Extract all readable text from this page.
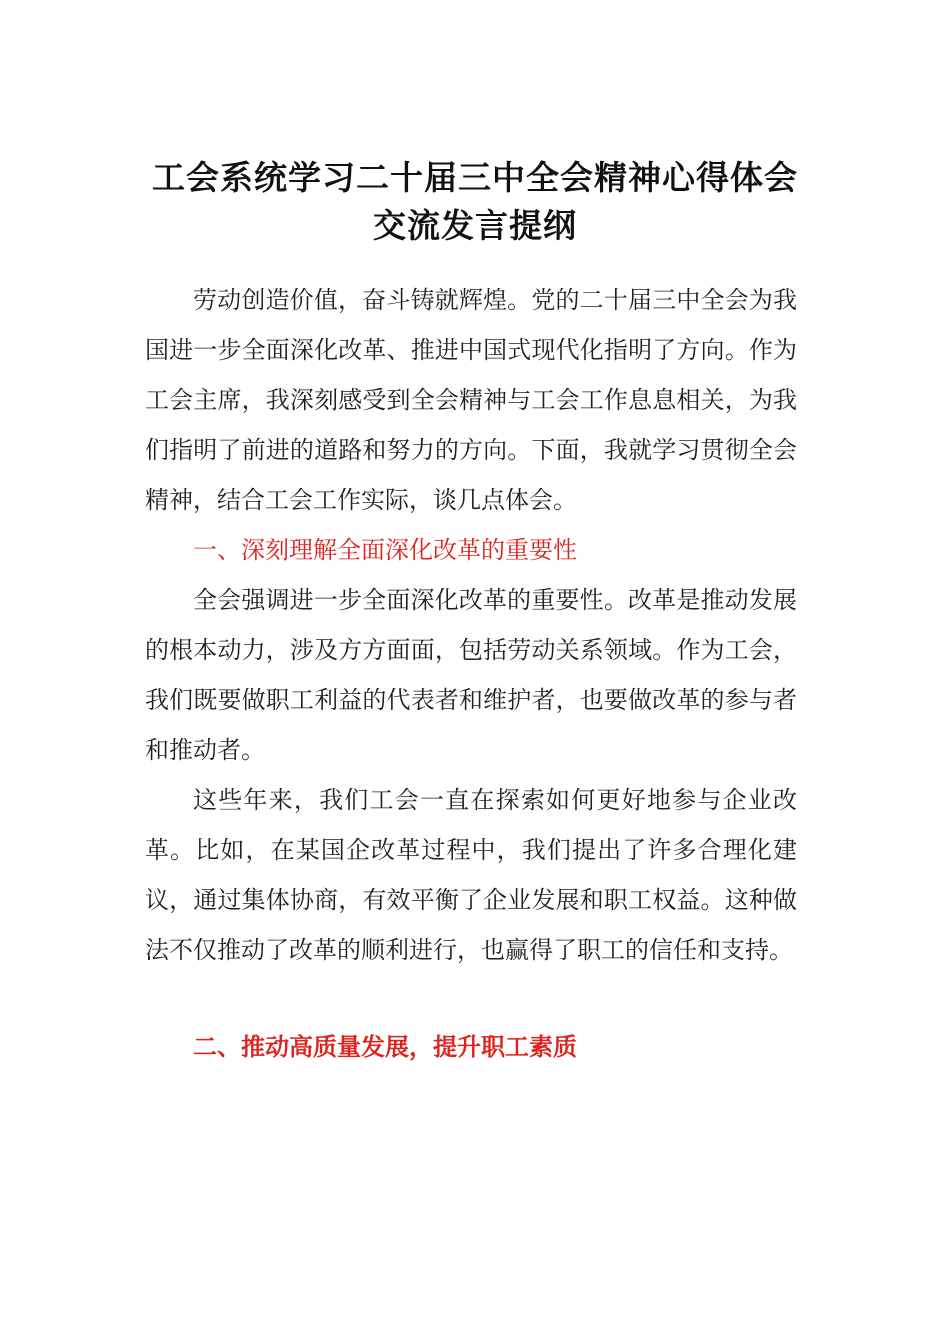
工会系统学习二十届三中全会精神心得体会
交流发言提纲

劳动创造价值，奋斗铸就辉煌。党的二十届三中全会为我国进一步全面深化改革、推进中国式现代化指明了方向。作为工会主席，我深刻感受到全会精神与工会工作息息相关，为我们指明了前进的道路和努力的方向。下面，我就学习贯彻全会精神，结合工会工作实际，谈几点体会。

一、深刻理解全面深化改革的重要性

全会强调进一步全面深化改革的重要性。改革是推动发展的根本动力，涉及方方面面，包括劳动关系领域。作为工会，我们既要做职工利益的代表者和维护者，也要做改革的参与者和推动者。

这些年来，我们工会一直在探索如何更好地参与企业改革。比如，在某国企改革过程中，我们提出了许多合理化建议，通过集体协商，有效平衡了企业发展和职工权益。这种做法不仅推动了改革的顺利进行，也赢得了职工的信任和支持。

二、推动高质量发展，提升职工素质
